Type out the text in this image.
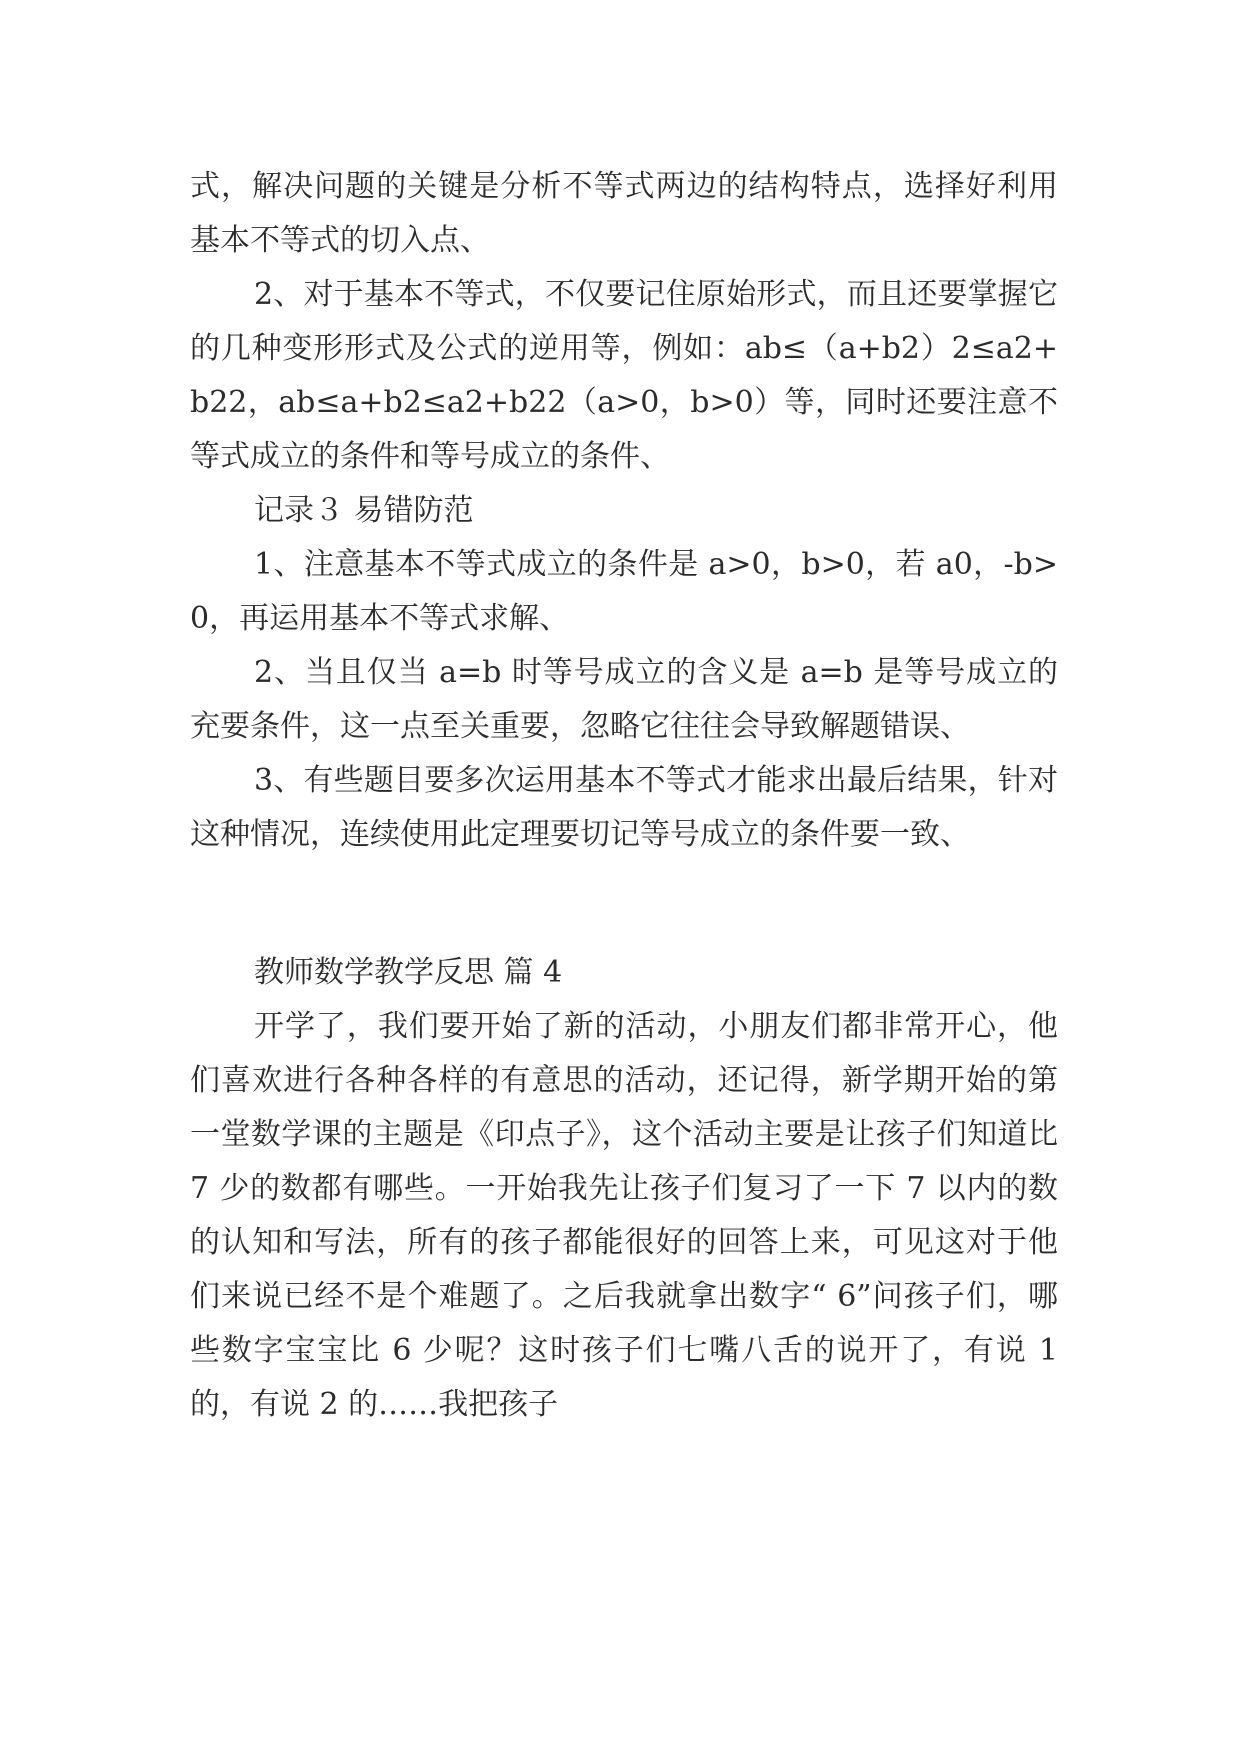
式，解决问题的关键是分析不等式两边的结构特点，选择好利用基本不等式的切入点、

2、对于基本不等式，不仅要记住原始形式，而且还要掌握它的几种变形形式及公式的逆用等，例如：ab≤（a+b2）2≤a2+b22，ab≤a+b2≤a2+b22（a>0，b>0）等，同时还要注意不等式成立的条件和等号成立的条件、

记录３ 易错防范

1、注意基本不等式成立的条件是 a>0，b>0，若 a0，-b>0，再运用基本不等式求解、

2、当且仅当 a=b 时等号成立的含义是 a=b 是等号成立的充要条件，这一点至关重要，忽略它往往会导致解题错误、

3、有些题目要多次运用基本不等式才能求出最后结果，针对这种情况，连续使用此定理要切记等号成立的条件要一致、

教师数学教学反思 篇 4

开学了，我们要开始了新的活动，小朋友们都非常开心，他们喜欢进行各种各样的有意思的活动，还记得，新学期开始的第一堂数学课的主题是《印点子》，这个活动主要是让孩子们知道比 7 少的数都有哪些。一开始我先让孩子们复习了一下 7 以内的数的认知和写法，所有的孩子都能很好的回答上来，可见这对于他们来说已经不是个难题了。之后我就拿出数字“ 6”问孩子们，哪些数字宝宝比 6 少呢？这时孩子们七嘴八舌的说开了，有说 1 的，有说 2 的……我把孩子
